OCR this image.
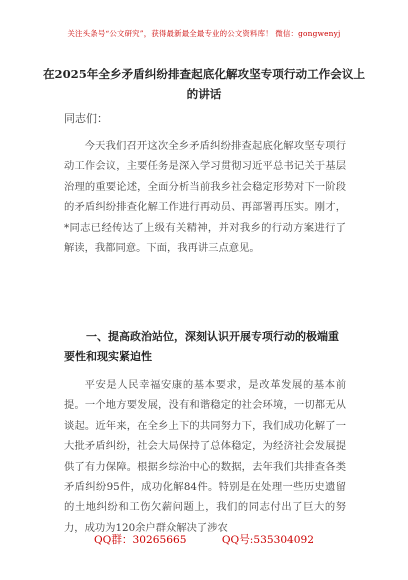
关注头条号“公文研究”，获得最新最全最专业的公文资料库！ 微信：gongwenyj
在2025年全乡矛盾纠纷排查起底化解攻坚专项行动工作会议上的讲话
同志们：

今天我们召开这次全乡矛盾纠纷排查起底化解攻坚专项行动工作会议，主要任务是深入学习贯彻习近平总书记关于基层治理的重要论述，全面分析当前我乡社会稳定形势对下一阶段的矛盾纠纷排查化解工作进行再动员、再部署再压实。刚才，*同志已经传达了上级有关精神，并对我乡的行动方案进行了解读，我都同意。下面，我再讲三点意见。

一、提高政治站位，深刻认识开展专项行动的极端重要性和现实紧迫性

平安是人民幸福安康的基本要求，是改革发展的基本前提。一个地方要发展，没有和谐稳定的社会环境，一切都无从谈起。近年来，在全乡上下的共同努力下，我们成功化解了一大批矛盾纠纷，社会大局保持了总体稳定，为经济社会发展提供了有力保障。根据乡综治中心的数据，去年我们共排查各类矛盾纠纷95件，成功化解84件。特别是在处理一些历史遗留的土地纠纷和工伤欠薪问题上，我们的同志付出了巨大的努力，成功为120余户群众解决了涉农

QQ群：30265665	QQ号:535304092
